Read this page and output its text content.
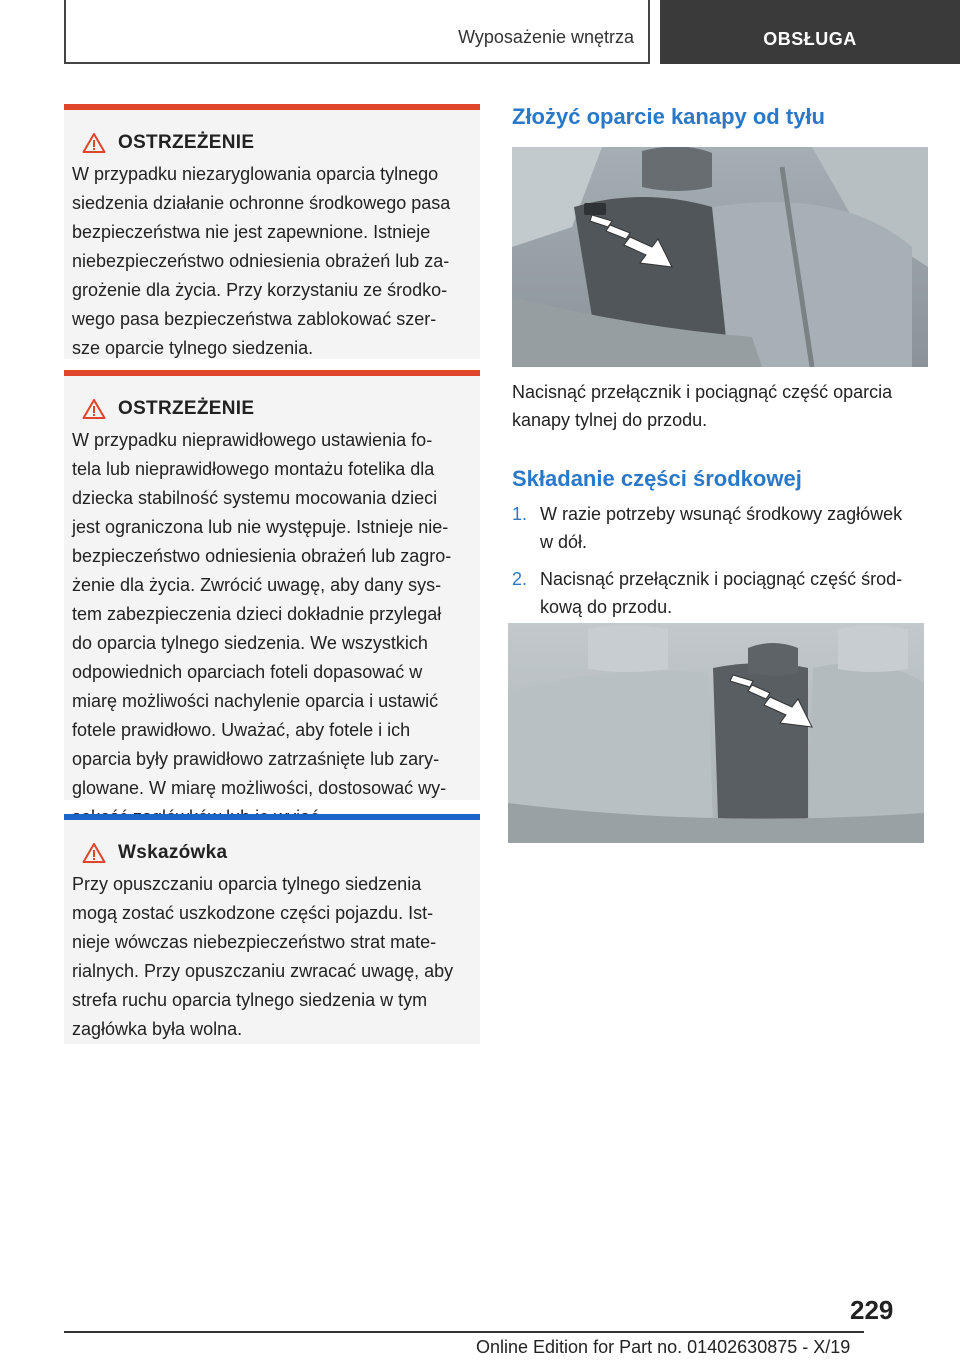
Wyposażenie wnętrza	OBSŁUGA
OSTRZEŻENIE
W przypadku niezaryglowania oparcia tylnego
siedzenia działanie ochronne środkowego pasa
bezpieczeństwa nie jest zapewnione. Istnieje
niebezpieczeństwo odniesienia obrażeń lub za-
grożenie dla życia. Przy korzystaniu ze środko-
wego pasa bezpieczeństwa zablokować szer-
sze oparcie tylnego siedzenia.
OSTRZEŻENIE
W przypadku nieprawidłowego ustawienia fo-
tela lub nieprawidłowego montażu fotelika dla
dziecka stabilność systemu mocowania dzieci
jest ograniczona lub nie występuje. Istnieje nie-
bezpieczeństwo odniesienia obrażeń lub zagro-
żenie dla życia. Zwrócić uwagę, aby dany sys-
tem zabezpieczenia dzieci dokładnie przylegał
do oparcia tylnego siedzenia. We wszystkich
odpowiednich oparciach foteli dopasować w
miarę możliwości nachylenie oparcia i ustawić
fotele prawidłowo. Uważać, aby fotele i ich
oparcia były prawidłowo zatrzaśnięte lub zary-
glowane. W miarę możliwości, dostosować wy-
Wskazówka
Przy opuszczaniu oparcia tylnego siedzenia
mogą zostać uszkodzone części pojazdu. Ist-
nieje wówczas niebezpieczeństwo strat mate-
rialnych. Przy opuszczaniu zwracać uwagę, aby
strefa ruchu oparcia tylnego siedzenia w tym
zagłówka była wolna.
Złożyć oparcie kanapy od tyłu
Nacisnąć przełącznik i pociągnąć część oparcia
kanapy tylnej do przodu.
Składanie części środkowej
1. W razie potrzeby wsunąć środkowy zagłówek
w dół.
2. Nacisnąć przełącznik i pociągnąć część środ-
kową do przodu.
229
Online Edition for Part no. 01402630875 - X/19
